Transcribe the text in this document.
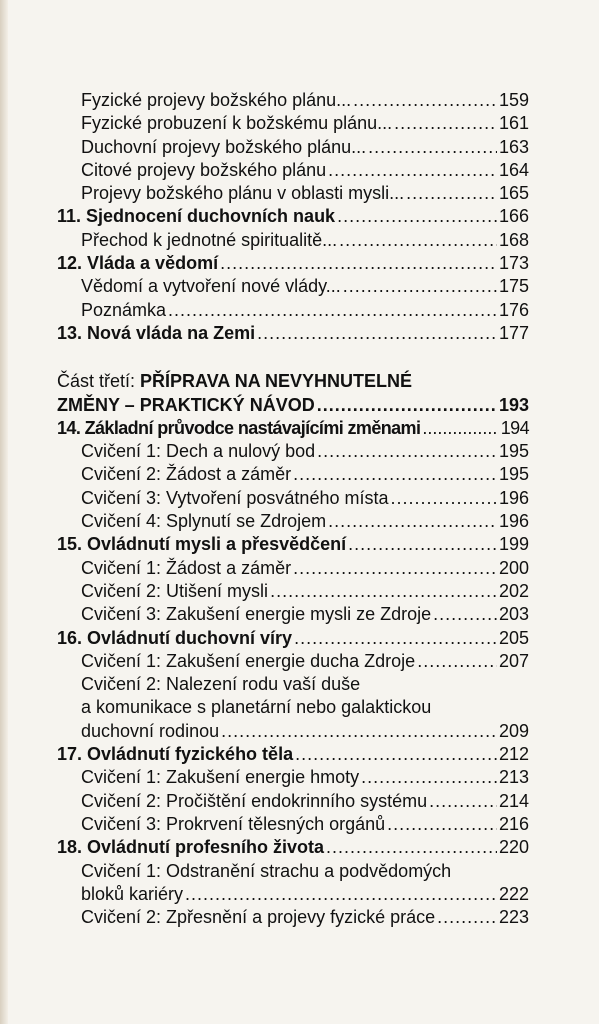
Fyzické projevy božského plánu... .....	159
Fyzické probuzení k božskému plánu... .....	161
Duchovní projevy božského plánu... .....	163
Citové projevy božského plánu .....	164
Projevy božského plánu v oblasti mysli... .....	165
11. Sjednocení duchovních nauk .....	166
Přechod k jednotné spiritualitě... .....	168
12. Vláda a vědomí .....	173
Vědomí a vytvoření nové vlády... .....	175
Poznámka .....	176
13. Nová vláda na Zemi .....	177
Část třetí: PŘÍPRAVA NA NEVYHNUTELNÉ
ZMĚNY – PRAKTICKÝ NÁVOD .....	193
14. Základní průvodce nastávajícími změnami .....	194
Cvičení 1: Dech a nulový bod .....	195
Cvičení 2: Žádost a záměr .....	195
Cvičení 3: Vytvoření posvátného místa .....	196
Cvičení 4: Splynutí se Zdrojem .....	196
15. Ovládnutí mysli a přesvědčení .....	199
Cvičení 1: Žádost a záměr .....	200
Cvičení 2: Utišení mysli .....	202
Cvičení 3: Zakušení energie mysli ze Zdroje .....	203
16. Ovládnutí duchovní víry .....	205
Cvičení 1: Zakušení energie ducha Zdroje .....	207
Cvičení 2: Nalezení rodu vaší duše
a komunikace s planetární nebo galaktickou
duchovní rodinou .....	209
17. Ovládnutí fyzického těla .....	212
Cvičení 1: Zakušení energie hmoty .....	213
Cvičení 2: Pročištění endokrinního systému .....	214
Cvičení 3: Prokrvení tělesných orgánů .....	216
18. Ovládnutí profesního života .....	220
Cvičení 1: Odstranění strachu a podvědomých
bloků kariéry .....	222
Cvičení 2: Zpřesnění a projevy fyzické práce .....	223
